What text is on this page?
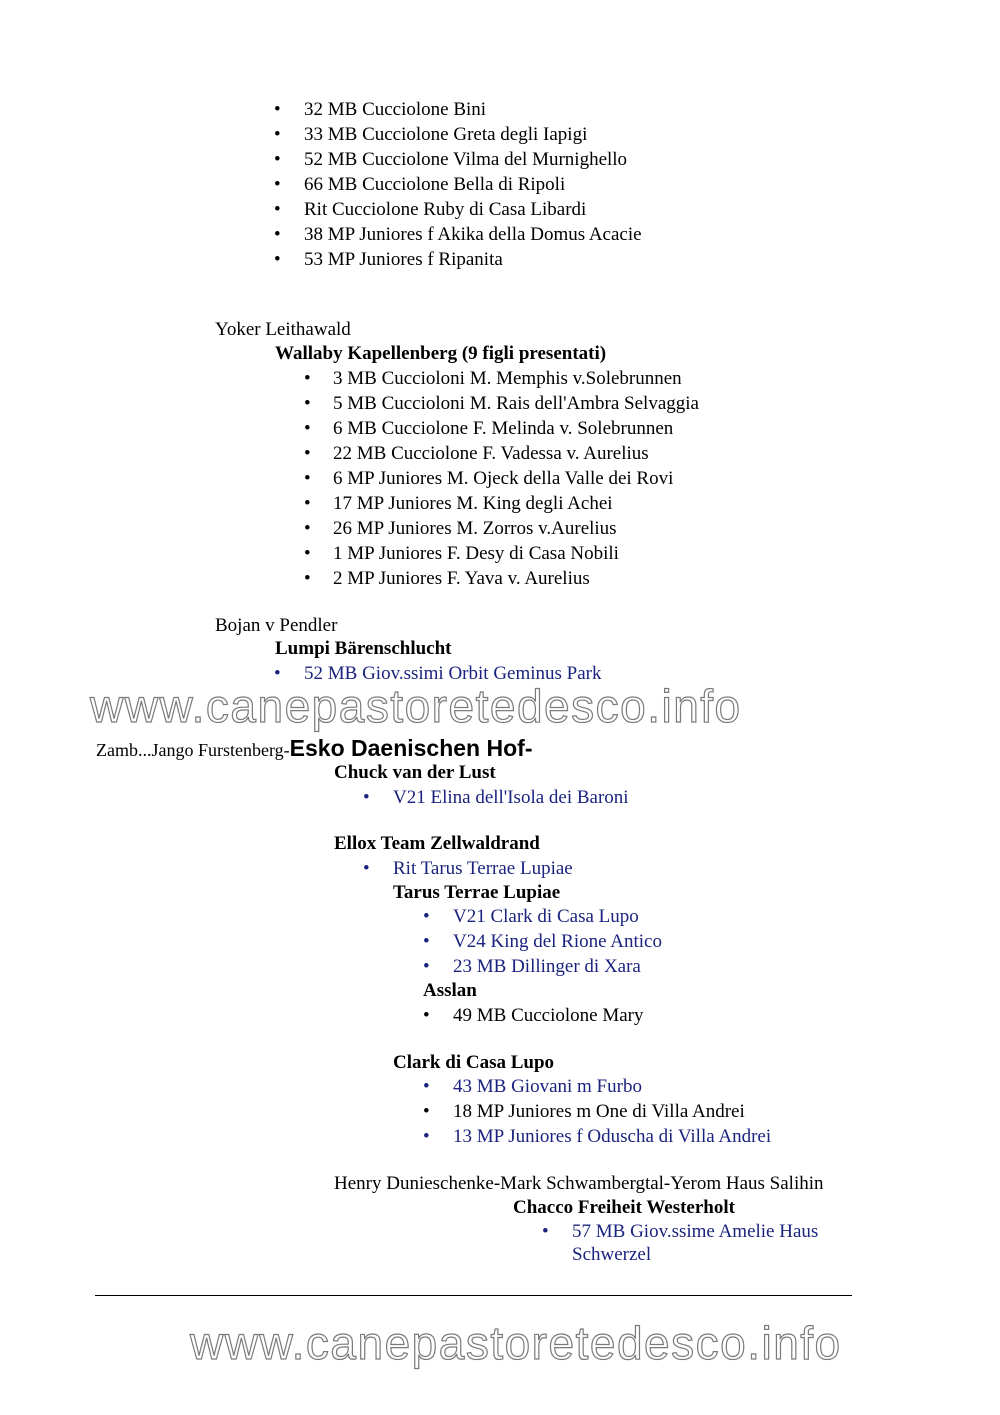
• 32 MB Cucciolone Bini
• 33 MB Cucciolone Greta degli Iapigi
• 52 MB Cucciolone Vilma del Murnighello
• 66 MB Cucciolone Bella di Ripoli
• Rit Cucciolone Ruby di Casa Libardi
• 38 MP Juniores f Akika della Domus Acacie
• 53 MP Juniores f Ripanita
Yoker Leithawald
Wallaby Kapellenberg (9 figli presentati)
• 3 MB Cuccioloni M. Memphis v.Solebrunnen
• 5 MB Cuccioloni M. Rais dell'Ambra Selvaggia
• 6 MB Cucciolone F. Melinda v. Solebrunnen
• 22 MB Cucciolone F. Vadessa v. Aurelius
• 6 MP Juniores M. Ojeck della Valle dei Rovi
• 17 MP Juniores M. King degli Achei
• 26 MP Juniores M. Zorros v.Aurelius
• 1 MP Juniores F. Desy di Casa Nobili
• 2 MP Juniores F. Yava v. Aurelius
Bojan v Pendler
Lumpi Bärenschlucht
• 52 MB Giov.ssimi Orbit Geminus Park
www.canepastoretedesco.info
Zamb...Jango Furstenberg-Esko Daenischen Hof-
Chuck van der Lust
• V21 Elina dell'Isola dei Baroni
Ellox Team Zellwaldrand
• Rit Tarus Terrae Lupiae
Tarus Terrae Lupiae
• V21 Clark di Casa Lupo
• V24 King del Rione Antico
• 23 MB Dillinger di Xara
Asslan
• 49 MB Cucciolone Mary
Clark di Casa Lupo
• 43 MB Giovani m Furbo
• 18 MP Juniores m One di Villa Andrei
• 13 MP Juniores f Oduscha di Villa Andrei
Henry Dunieschenke-Mark Schwambergtal-Yerom Haus Salihin
Chacco Freiheit Westerholt
• 57 MB Giov.ssime Amelie Haus
Schwerzel
www.canepastoretedesco.info
